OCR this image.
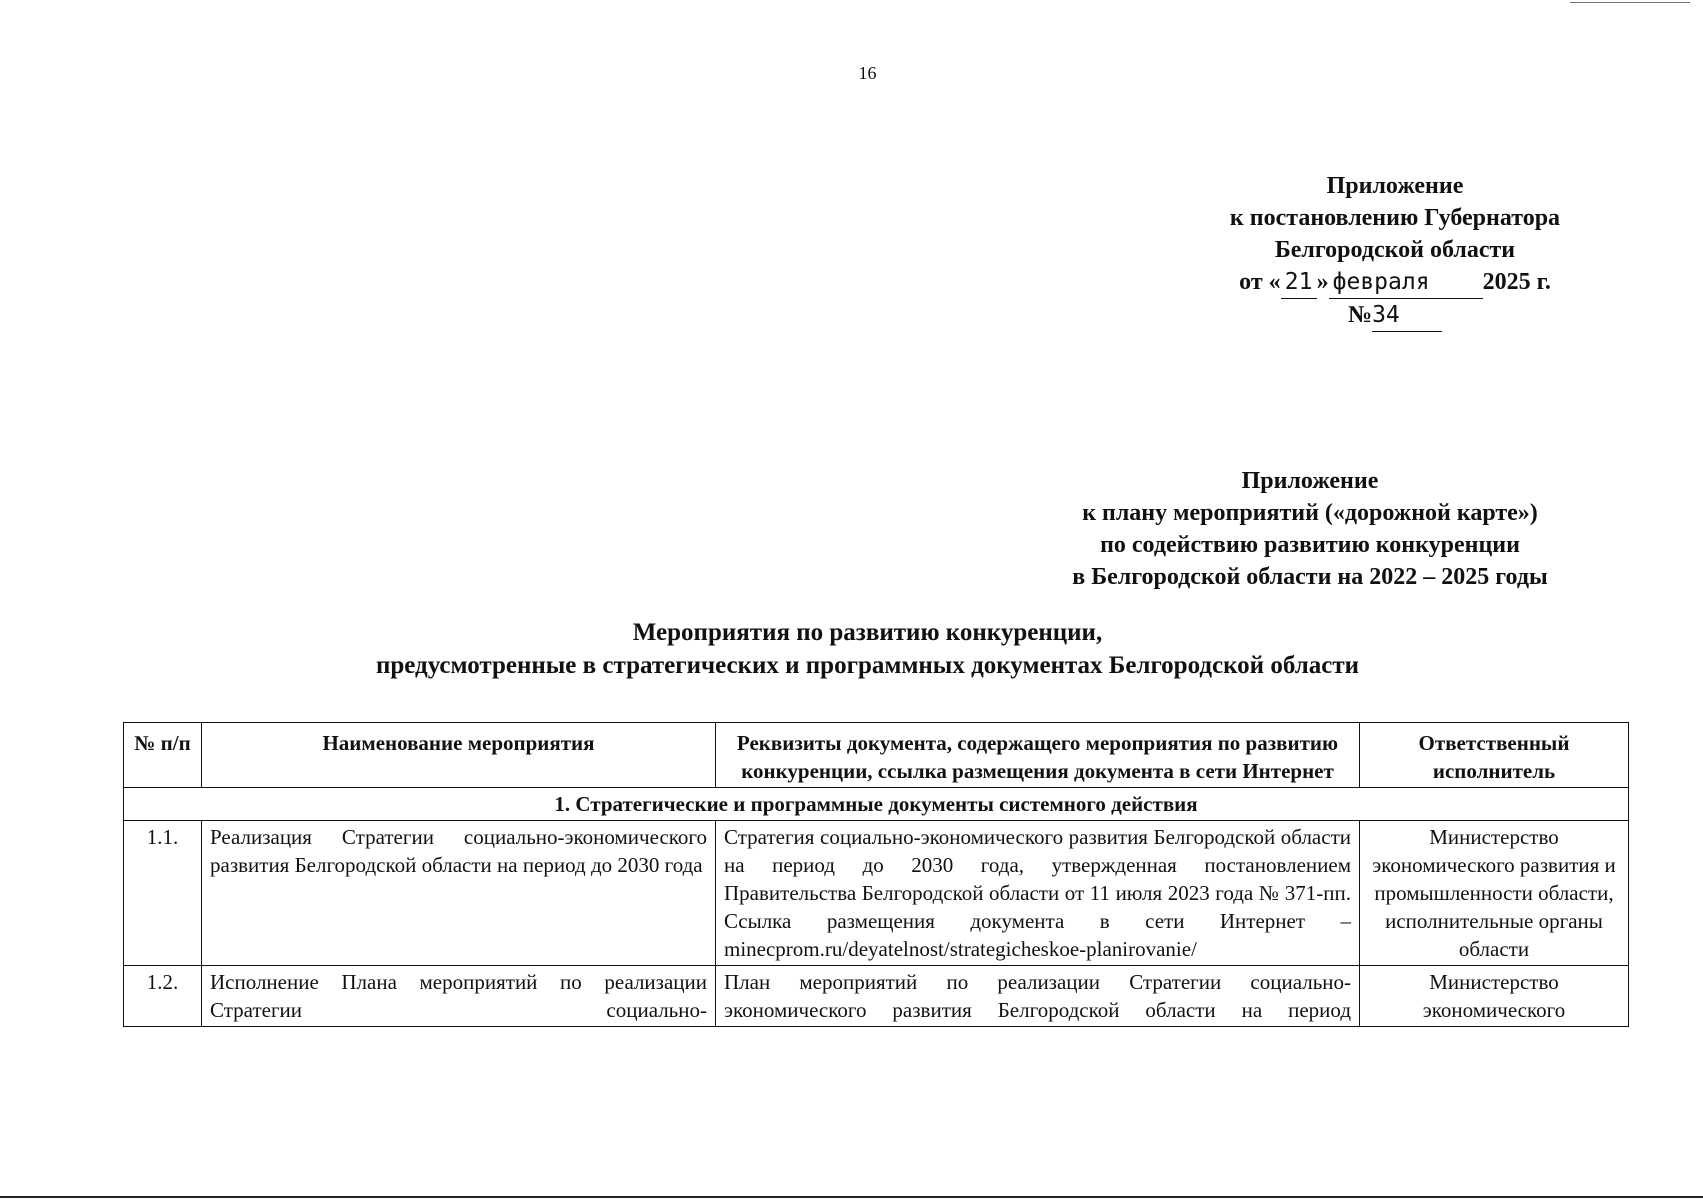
16
Приложение
к постановлению Губернатора
Белгородской области
от « 21 » февраля 2025 г.
№34
Приложение
к плану мероприятий («дорожной карте»)
по содействию развитию конкуренции
в Белгородской области на 2022 – 2025 годы
Мероприятия по развитию конкуренции,
предусмотренные в стратегических и программных документах Белгородской области
№ п/п	Наименование мероприятия	Реквизиты документа, содержащего мероприятия по развитию конкуренции, ссылка размещения документа в сети Интернет	Ответственный исполнитель
1. Стратегические и программные документы системного действия			
1.1.	Реализация Стратегии социально-экономического развития Белгородской области на период до 2030 года	Стратегия социально-экономического развития Белгородской области на период до 2030 года, утвержденная постановлением Правительства Белгородской области от 11 июля 2023 года № 371-пп. Ссылка размещения документа в сети Интернет – minecprom.ru/deyatelnost/strategicheskoe-planirovanie/	Министерство экономического развития и промышленности области, исполнительные органы области
1.2.	Исполнение Плана мероприятий по реализации Стратегии социально-	План мероприятий по реализации Стратегии социально-экономического развития Белгородской области на период	Министерство экономического
